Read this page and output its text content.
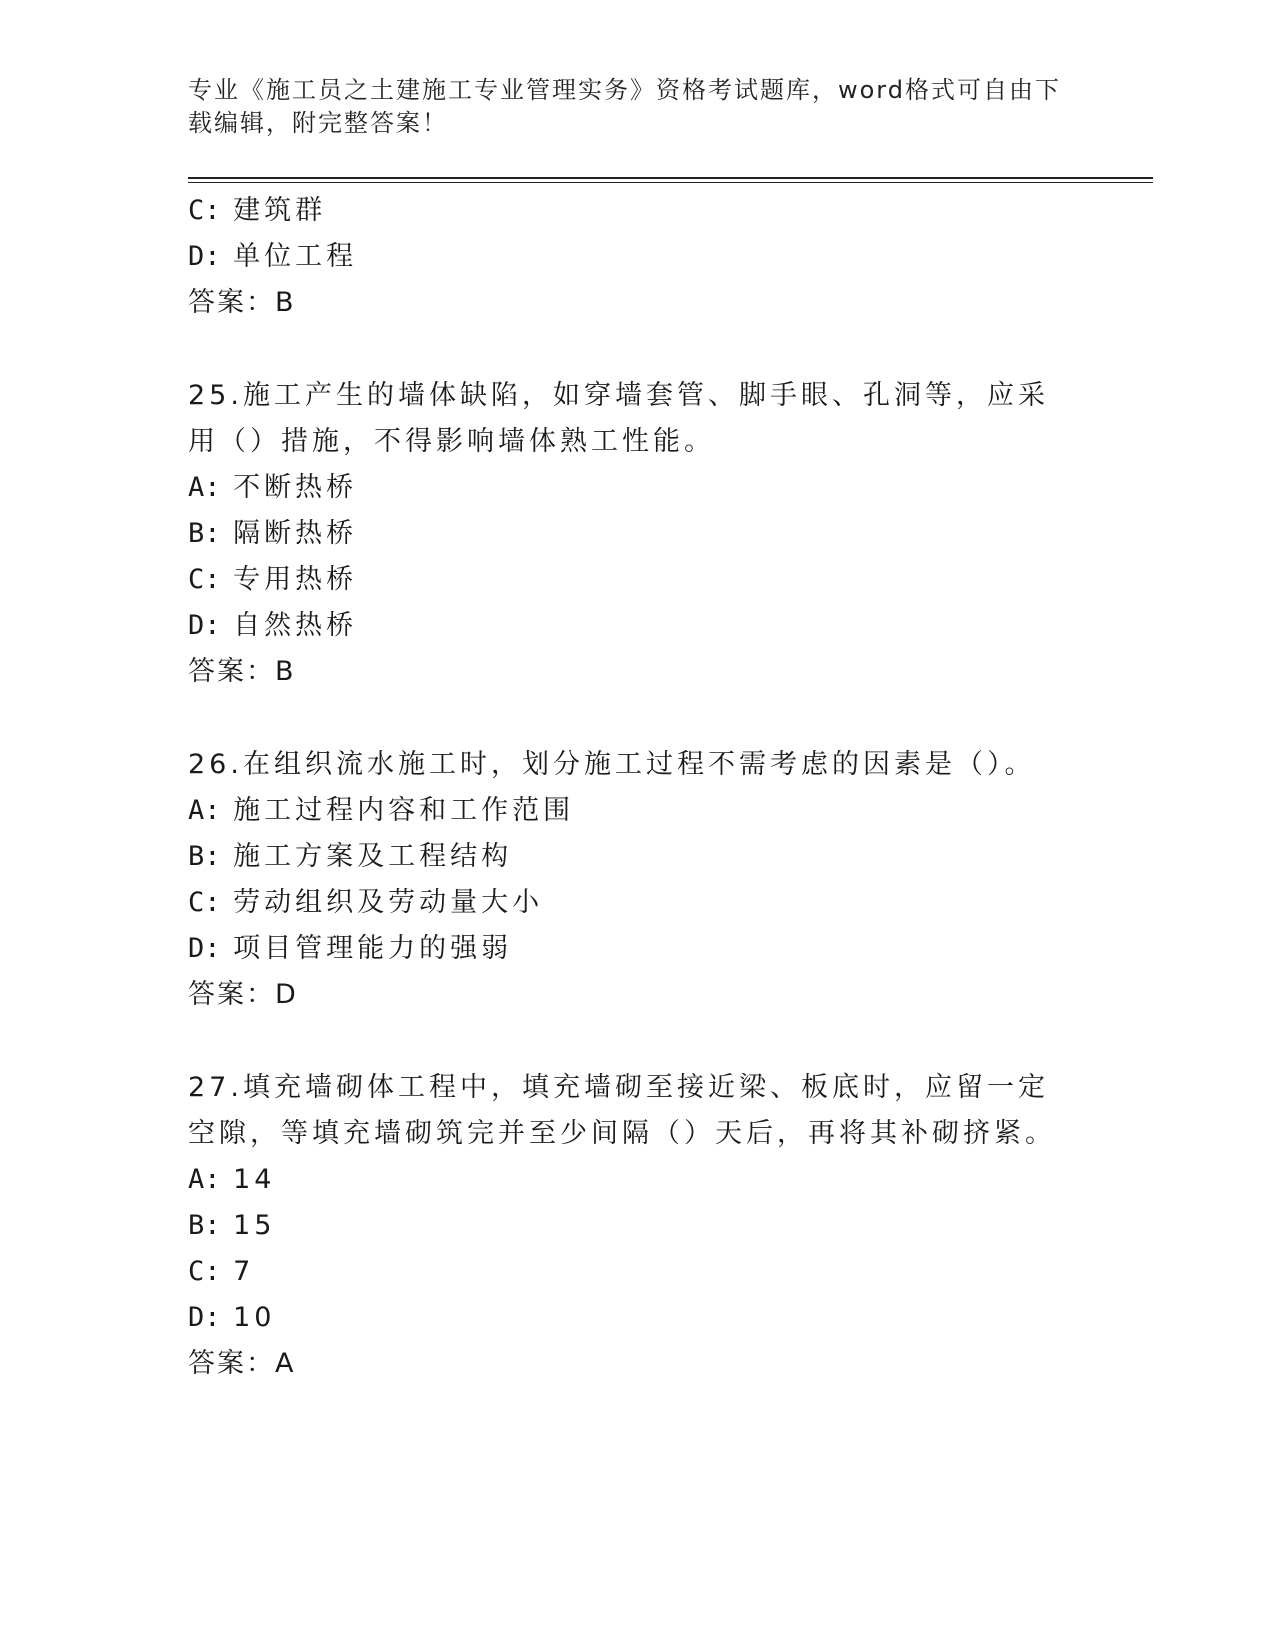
专业《施工员之土建施工专业管理实务》资格考试题库，word格式可自由下载编辑，附完整答案！
C: 建筑群
D: 单位工程
答案：B
25.施工产生的墙体缺陷，如穿墙套管、脚手眼、孔洞等，应采用（）措施，不得影响墙体熟工性能。
A: 不断热桥
B: 隔断热桥
C: 专用热桥
D: 自然热桥
答案：B
26.在组织流水施工时，划分施工过程不需考虑的因素是（）。
A: 施工过程内容和工作范围
B: 施工方案及工程结构
C: 劳动组织及劳动量大小
D: 项目管理能力的强弱
答案：D
27.填充墙砌体工程中，填充墙砌至接近梁、板底时，应留一定空隙，等填充墙砌筑完并至少间隔（）天后，再将其补砌挤紧。
A: 14
B: 15
C: 7
D: 10
答案：A
